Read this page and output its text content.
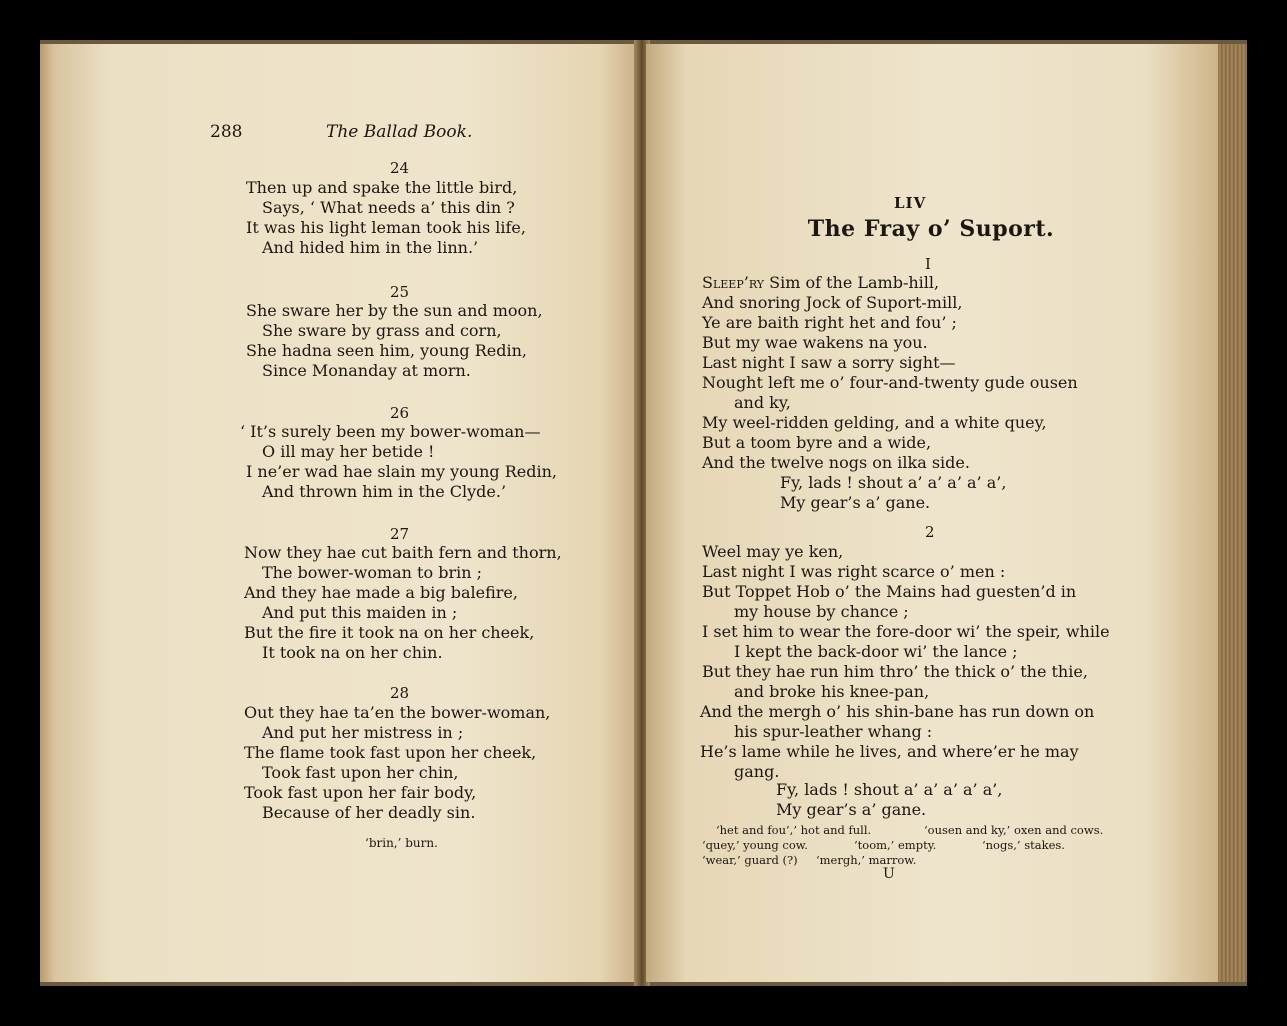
288	The Ballad Book.
24
Then up and spake the little bird,
Says, ‘ What needs a’ this din ?
It was his light leman took his life,
And hided him in the linn.’
25
She sware her by the sun and moon,
She sware by grass and corn,
She hadna seen him, young Redin,
Since Monanday at morn.
26
‘ It’s surely been my bower-woman—
O ill may her betide !
I ne’er wad hae slain my young Redin,
And thrown him in the Clyde.’
27
Now they hae cut baith fern and thorn,
The bower-woman to brin ;
And they hae made a big balefire,
And put this maiden in ;
But the fire it took na on her cheek,
It took na on her chin.
28
Out they hae ta’en the bower-woman,
And put her mistress in ;
The flame took fast upon her cheek,
Took fast upon her chin,
Took fast upon her fair body,
Because of her deadly sin.
‘brin,’ burn.
LIV
The Fray o’ Suport.
I
Sleep’ry Sim of the Lamb-hill,
And snoring Jock of Suport-mill,
Ye are baith right het and fou’ ;
But my wae wakens na you.
Last night I saw a sorry sight—
Nought left me o’ four-and-twenty gude ousen
and ky,
My weel-ridden gelding, and a white quey,
But a toom byre and a wide,
And the twelve nogs on ilka side.
Fy, lads ! shout a’ a’ a’ a’ a’,
My gear’s a’ gane.
2
Weel may ye ken,
Last night I was right scarce o’ men :
But Toppet Hob o’ the Mains had guesten’d in
my house by chance ;
I set him to wear the fore-door wi’ the speir, while
I kept the back-door wi’ the lance ;
But they hae run him thro’ the thick o’ the thie,
and broke his knee-pan,
And the mergh o’ his shin-bane has run down on
his spur-leather whang :
He’s lame while he lives, and where’er he may
gang.
Fy, lads ! shout a’ a’ a’ a’ a’,
My gear’s a’ gane.
‘het and fou’,’ hot and full.	‘ousen and ky,’ oxen and cows.
‘quey,’ young cow.	‘toom,’ empty.	‘nogs,’ stakes.
‘wear,’ guard (?) ‘mergh,’ marrow.
U
